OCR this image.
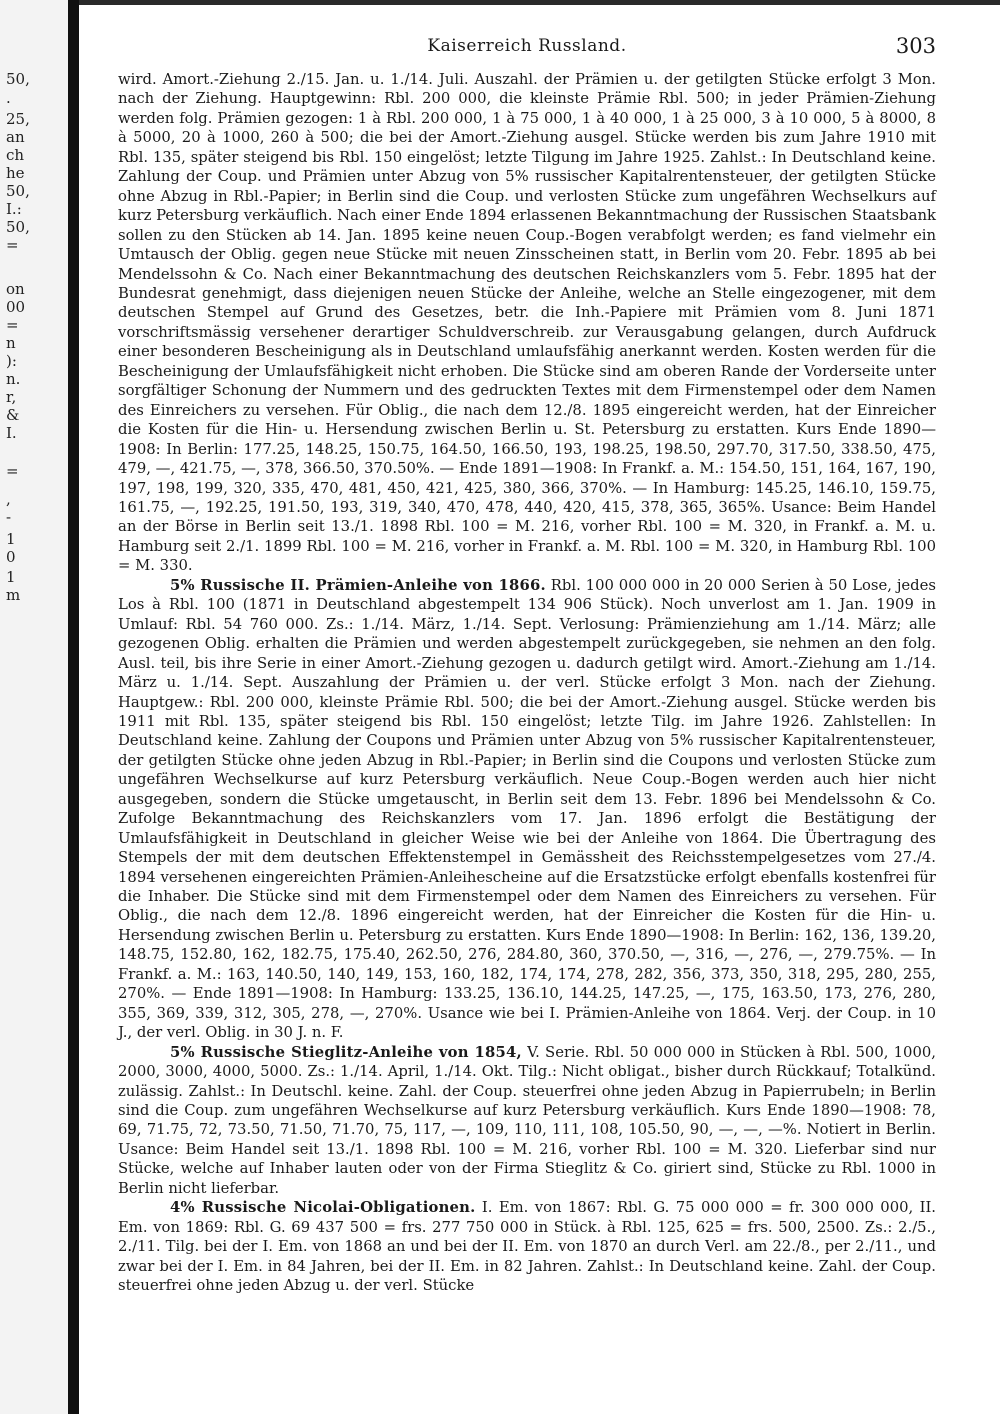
50,
.
25,
an
ch
he
50,
I.:
50,
=
on
00
=
n
):
n.
r,
&
I.
=
,
-
1
0
1
m
Kaiserreich Russland.	303

wird. Amort.-Ziehung 2./15. Jan. u. 1./14. Juli. Auszahl. der Prämien u. der getilgten Stücke erfolgt 3 Mon. nach der Ziehung. Hauptgewinn: Rbl. 200 000, die kleinste Prämie Rbl. 500; in jeder Prämien-Ziehung werden folg. Prämien gezogen: 1 à Rbl. 200 000, 1 à 75 000, 1 à 40 000, 1 à 25 000, 3 à 10 000, 5 à 8000, 8 à 5000, 20 à 1000, 260 à 500; die bei der Amort.-Ziehung ausgel. Stücke werden bis zum Jahre 1910 mit Rbl. 135, später steigend bis Rbl. 150 eingelöst; letzte Tilgung im Jahre 1925. Zahlst.: In Deutschland keine. Zahlung der Coup. und Prämien unter Abzug von 5% russischer Kapitalrentensteuer, der getilgten Stücke ohne Abzug in Rbl.-Papier; in Berlin sind die Coup. und verlosten Stücke zum ungefähren Wechselkurs auf kurz Petersburg verkäuflich. Nach einer Ende 1894 erlassenen Bekanntmachung der Russischen Staatsbank sollen zu den Stücken ab 14. Jan. 1895 keine neuen Coup.-Bogen verabfolgt werden; es fand vielmehr ein Umtausch der Oblig. gegen neue Stücke mit neuen Zinsscheinen statt, in Berlin vom 20. Febr. 1895 ab bei Mendelssohn & Co. Nach einer Bekanntmachung des deutschen Reichskanzlers vom 5. Febr. 1895 hat der Bundesrat genehmigt, dass diejenigen neuen Stücke der Anleihe, welche an Stelle eingezogener, mit dem deutschen Stempel auf Grund des Gesetzes, betr. die Inh.-Papiere mit Prämien vom 8. Juni 1871 vorschriftsmässig versehener derartiger Schuldverschreib. zur Verausgabung gelangen, durch Aufdruck einer besonderen Bescheinigung als in Deutschland umlaufsfähig anerkannt werden. Kosten werden für die Bescheinigung der Umlaufsfähigkeit nicht erhoben. Die Stücke sind am oberen Rande der Vorderseite unter sorgfältiger Schonung der Nummern und des gedruckten Textes mit dem Firmenstempel oder dem Namen des Einreichers zu versehen. Für Oblig., die nach dem 12./8. 1895 eingereicht werden, hat der Einreicher die Kosten für die Hin- u. Hersendung zwischen Berlin u. St. Petersburg zu erstatten. Kurs Ende 1890—1908: In Berlin: 177.25, 148.25, 150.75, 164.50, 166.50, 193, 198.25, 198.50, 297.70, 317.50, 338.50, 475, 479, —, 421.75, —, 378, 366.50, 370.50%. — Ende 1891—1908: In Frankf. a. M.: 154.50, 151, 164, 167, 190, 197, 198, 199, 320, 335, 470, 481, 450, 421, 425, 380, 366, 370%. — In Hamburg: 145.25, 146.10, 159.75, 161.75, —, 192.25, 191.50, 193, 319, 340, 470, 478, 440, 420, 415, 378, 365, 365%. Usance: Beim Handel an der Börse in Berlin seit 13./1. 1898 Rbl. 100 = M. 216, vorher Rbl. 100 = M. 320, in Frankf. a. M. u. Hamburg seit 2./1. 1899 Rbl. 100 = M. 216, vorher in Frankf. a. M. Rbl. 100 = M. 320, in Hamburg Rbl. 100 = M. 330.

5% Russische II. Prämien-Anleihe von 1866. Rbl. 100 000 000 in 20 000 Serien à 50 Lose, jedes Los à Rbl. 100 (1871 in Deutschland abgestempelt 134 906 Stück). Noch unverlost am 1. Jan. 1909 in Umlauf: Rbl. 54 760 000. Zs.: 1./14. März, 1./14. Sept. Verlosung: Prämienziehung am 1./14. März; alle gezogenen Oblig. erhalten die Prämien und werden abgestempelt zurückgegeben, sie nehmen an den folg. Ausl. teil, bis ihre Serie in einer Amort.-Ziehung gezogen u. dadurch getilgt wird. Amort.-Ziehung am 1./14. März u. 1./14. Sept. Auszahlung der Prämien u. der verl. Stücke erfolgt 3 Mon. nach der Ziehung. Hauptgew.: Rbl. 200 000, kleinste Prämie Rbl. 500; die bei der Amort.-Ziehung ausgel. Stücke werden bis 1911 mit Rbl. 135, später steigend bis Rbl. 150 eingelöst; letzte Tilg. im Jahre 1926. Zahlstellen: In Deutschland keine. Zahlung der Coupons und Prämien unter Abzug von 5% russischer Kapitalrentensteuer, der getilgten Stücke ohne jeden Abzug in Rbl.-Papier; in Berlin sind die Coupons und verlosten Stücke zum ungefähren Wechselkurse auf kurz Petersburg verkäuflich. Neue Coup.-Bogen werden auch hier nicht ausgegeben, sondern die Stücke umgetauscht, in Berlin seit dem 13. Febr. 1896 bei Mendelssohn & Co. Zufolge Bekanntmachung des Reichskanzlers vom 17. Jan. 1896 erfolgt die Bestätigung der Umlaufsfähigkeit in Deutschland in gleicher Weise wie bei der Anleihe von 1864. Die Übertragung des Stempels der mit dem deutschen Effektenstempel in Gemässheit des Reichsstempelgesetzes vom 27./4. 1894 versehenen eingereichten Prämien-Anleihescheine auf die Ersatzstücke erfolgt ebenfalls kostenfrei für die Inhaber. Die Stücke sind mit dem Firmenstempel oder dem Namen des Einreichers zu versehen. Für Oblig., die nach dem 12./8. 1896 eingereicht werden, hat der Einreicher die Kosten für die Hin- u. Hersendung zwischen Berlin u. Petersburg zu erstatten. Kurs Ende 1890—1908: In Berlin: 162, 136, 139.20, 148.75, 152.80, 162, 182.75, 175.40, 262.50, 276, 284.80, 360, 370.50, —, 316, —, 276, —, 279.75%. — In Frankf. a. M.: 163, 140.50, 140, 149, 153, 160, 182, 174, 174, 278, 282, 356, 373, 350, 318, 295, 280, 255, 270%. — Ende 1891—1908: In Hamburg: 133.25, 136.10, 144.25, 147.25, —, 175, 163.50, 173, 276, 280, 355, 369, 339, 312, 305, 278, —, 270%. Usance wie bei I. Prämien-Anleihe von 1864. Verj. der Coup. in 10 J., der verl. Oblig. in 30 J. n. F.

5% Russische Stieglitz-Anleihe von 1854, V. Serie. Rbl. 50 000 000 in Stücken à Rbl. 500, 1000, 2000, 3000, 4000, 5000. Zs.: 1./14. April, 1./14. Okt. Tilg.: Nicht obligat., bisher durch Rückkauf; Totalkünd. zulässig. Zahlst.: In Deutschl. keine. Zahl. der Coup. steuerfrei ohne jeden Abzug in Papierrubeln; in Berlin sind die Coup. zum ungefähren Wechselkurse auf kurz Petersburg verkäuflich. Kurs Ende 1890—1908: 78, 69, 71.75, 72, 73.50, 71.50, 71.70, 75, 117, —, 109, 110, 111, 108, 105.50, 90, —, —, —%. Notiert in Berlin. Usance: Beim Handel seit 13./1. 1898 Rbl. 100 = M. 216, vorher Rbl. 100 = M. 320. Lieferbar sind nur Stücke, welche auf Inhaber lauten oder von der Firma Stieglitz & Co. giriert sind, Stücke zu Rbl. 1000 in Berlin nicht lieferbar.

4% Russische Nicolai-Obligationen. I. Em. von 1867: Rbl. G. 75 000 000 = fr. 300 000 000, II. Em. von 1869: Rbl. G. 69 437 500 = frs. 277 750 000 in Stück. à Rbl. 125, 625 = frs. 500, 2500. Zs.: 2./5., 2./11. Tilg. bei der I. Em. von 1868 an und bei der II. Em. von 1870 an durch Verl. am 22./8., per 2./11., und zwar bei der I. Em. in 84 Jahren, bei der II. Em. in 82 Jahren. Zahlst.: In Deutschland keine. Zahl. der Coup. steuerfrei ohne jeden Abzug u. der verl. Stücke
